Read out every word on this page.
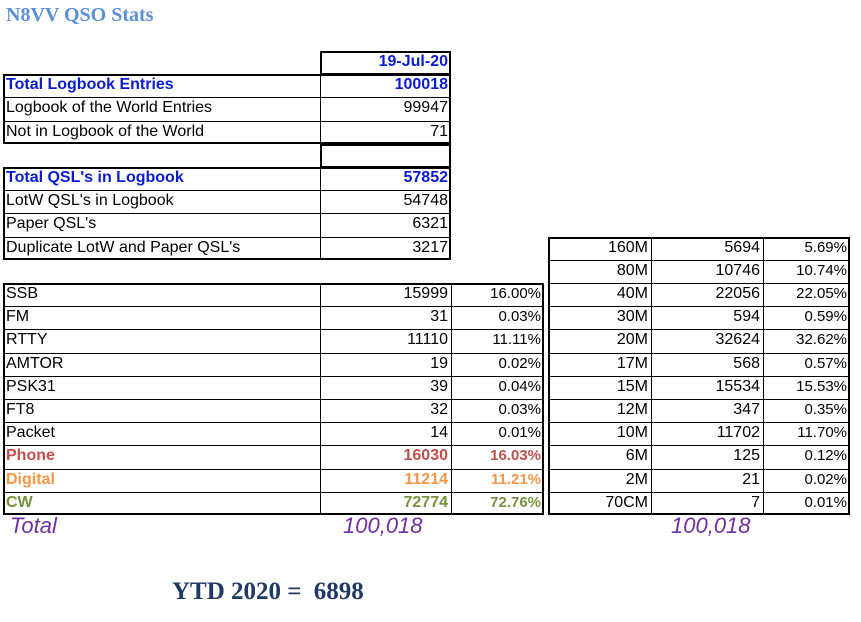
N8VV QSO Stats
19-Jul-20
Total Logbook Entries	100018
Logbook of the World Entries	99947
Not in Logbook of the World	71
Total QSL's in Logbook	57852
LotW QSL's in Logbook	54748
Paper QSL's	6321
Duplicate LotW and Paper QSL's	3217
SSB	15999	16.00%
FM	31	0.03%
RTTY	11110	11.11%
AMTOR	19	0.02%
PSK31	39	0.04%
FT8	32	0.03%
Packet	14	0.01%
Phone	16030	16.03%
Digital	11214	11.21%
CW	72774	72.76%
160M	5694	5.69%
80M	10746	10.74%
40M	22056	22.05%
30M	594	0.59%
20M	32624	32.62%
17M	568	0.57%
15M	15534	15.53%
12M	347	0.35%
10M	11702	11.70%
6M	125	0.12%
2M	21	0.02%
70CM	7	0.01%
Total	100,018	100,018
YTD 2020 = 6898
